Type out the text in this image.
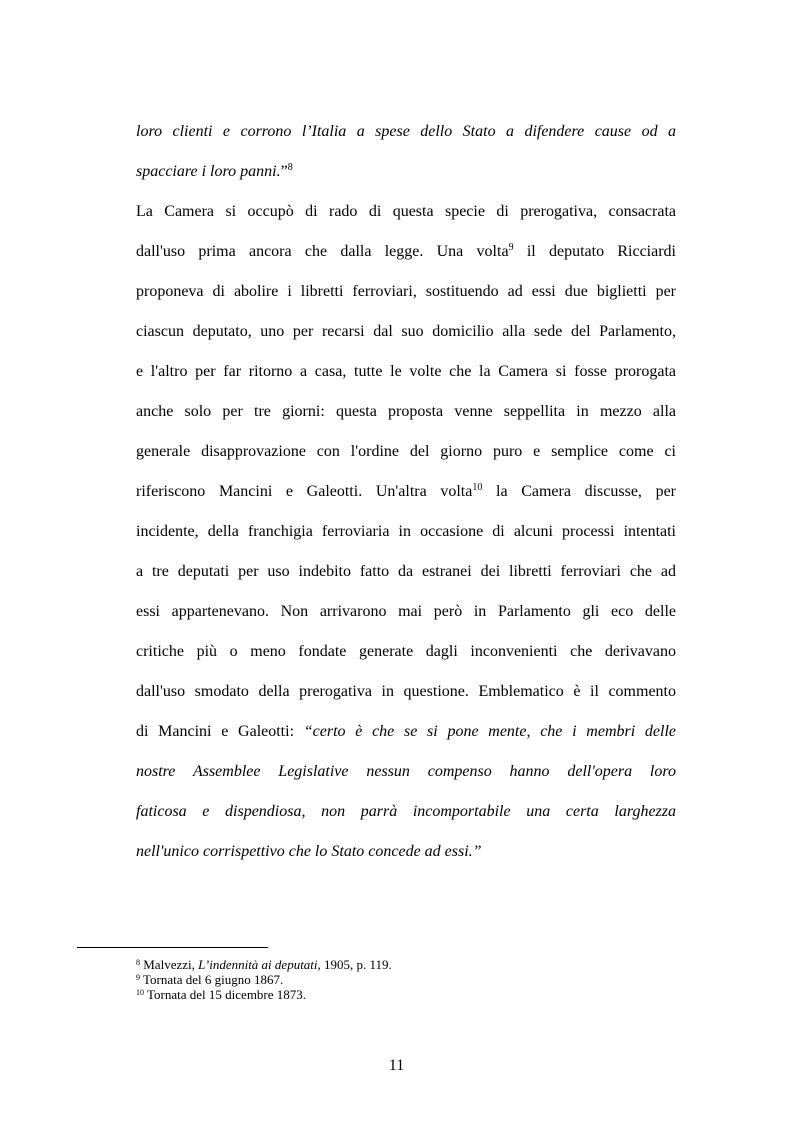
loro clienti e corrono l’Italia a spese dello Stato a difendere cause od a
spacciare i loro panni.”$^8$
La Camera si occupò di rado di questa specie di prerogativa, consacrata
dall'uso prima ancora che dalla legge. Una volta$^9$ il deputato Ricciardi
proponeva di abolire i libretti ferroviari, sostituendo ad essi due biglietti per
ciascun deputato, uno per recarsi dal suo domicilio alla sede del Parlamento,
e l'altro per far ritorno a casa, tutte le volte che la Camera si fosse prorogata
anche solo per tre giorni: questa proposta venne seppellita in mezzo alla
generale disapprovazione con l'ordine del giorno puro e semplice come ci
riferiscono Mancini e Galeotti. Un'altra volta$^{10}$ la Camera discusse, per
incidente, della franchigia ferroviaria in occasione di alcuni processi intentati
a tre deputati per uso indebito fatto da estranei dei libretti ferroviari che ad
essi appartenevano. Non arrivarono mai però in Parlamento gli eco delle
critiche più o meno fondate generate dagli inconvenienti che derivavano
dall'uso smodato della prerogativa in questione. Emblematico è il commento
di Mancini e Galeotti: “certo è che se si pone mente, che i membri delle
nostre Assemblee Legislative nessun compenso hanno dell'opera loro
faticosa e dispendiosa, non parrà incomportabile una certa larghezza
nell'unico corrispettivo che lo Stato concede ad essi.”
$^8$ Malvezzi, L’indennità ai deputati, 1905, p. 119.
$^9$ Tornata del 6 giugno 1867.
$^{10}$ Tornata del 15 dicembre 1873.
11
